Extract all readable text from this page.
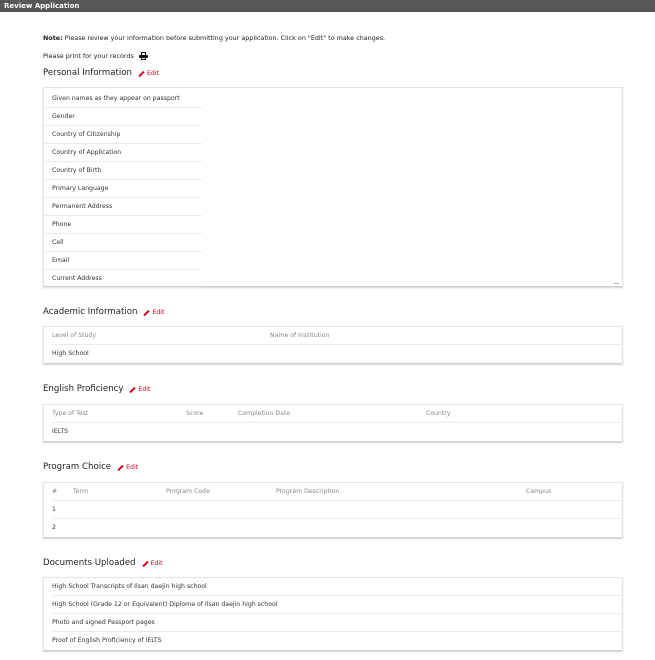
Review Application
Note: Please review your information before submitting your application. Click on "Edit" to make changes.
Please print for your records
Personal Information Edit
Given names as they appear on passport
Gender
Country of Citizenship
Country of Application
Country of Birth
Primary Language
Permanent Address
Phone
Cell
Email
Current Address
Academic Information Edit
Level of Study	Name of Institution
High School
English Proficiency Edit
Type of Test	Score	Completion Date	Country
IELTS
Program Choice Edit
#	Term	Program Code	Program Description	Campus
1
2
Documents Uploaded Edit
High School Transcripts of Ilsan daejin high school
High School (Grade 12 or Equivalent) Diploma of Ilsan daejin high school
Photo and signed Passport pages
Proof of English Proficiency of IELTS
